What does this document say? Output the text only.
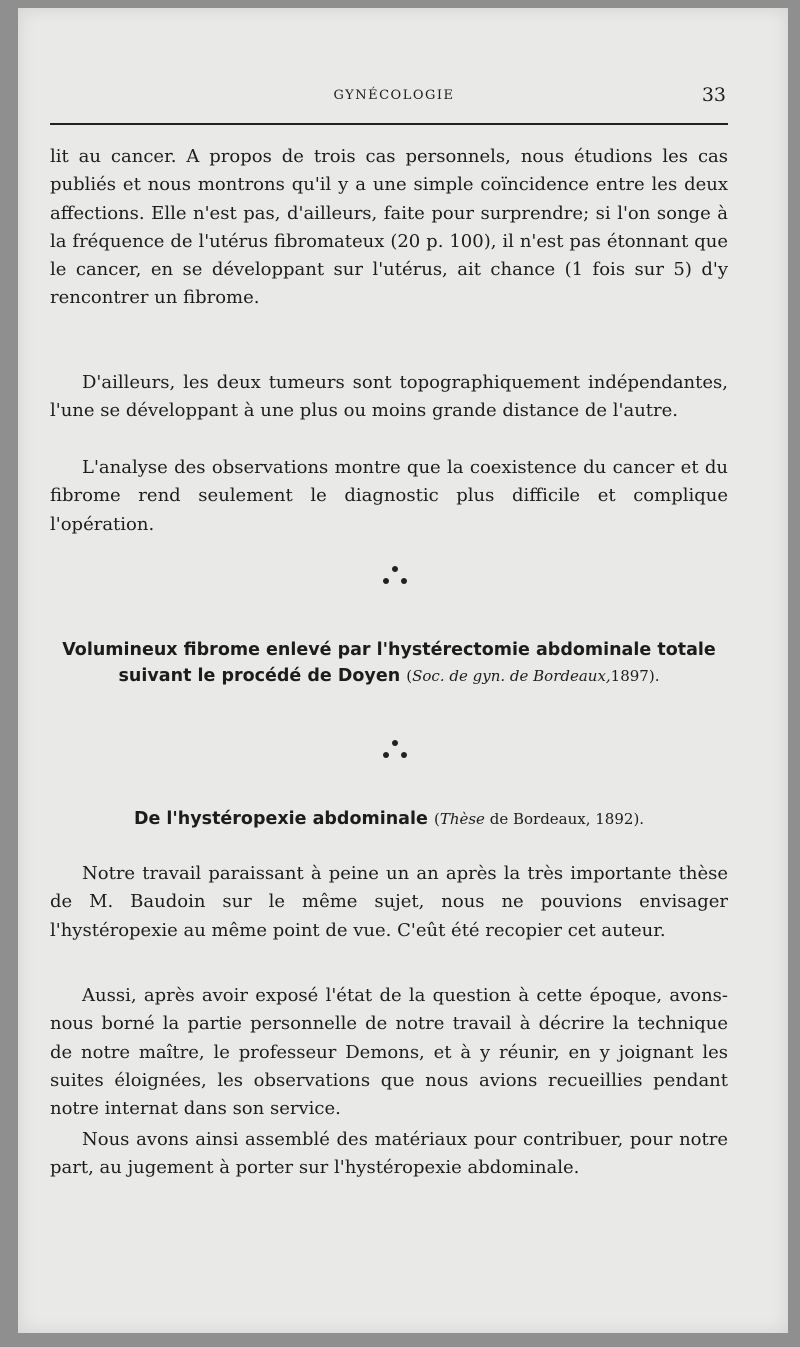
GYNÉCOLOGIE	33

lit au cancer. A propos de trois cas personnels, nous étudions les cas publiés et nous montrons qu'il y a une simple coïncidence entre les deux affections. Elle n'est pas, d'ailleurs, faite pour surprendre; si l'on songe à la fréquence de l'utérus fibromateux (20 p. 100), il n'est pas étonnant que le cancer, en se développant sur l'utérus, ait chance (1 fois sur 5) d'y rencontrer un fibrome.

D'ailleurs, les deux tumeurs sont topographiquement indépendantes, l'une se développant à une plus ou moins grande distance de l'autre.

L'analyse des observations montre que la coexistence du cancer et du fibrome rend seulement le diagnostic plus difficile et complique l'opération.

Volumineux fibrome enlevé par l'hystérectomie abdominale totale suivant le procédé de Doyen (Soc. de gyn. de Bordeaux,1897).

De l'hystéropexie abdominale (Thèse de Bordeaux, 1892).

Notre travail paraissant à peine un an après la très importante thèse de M. Baudoin sur le même sujet, nous ne pouvions envisager l'hystéropexie au même point de vue. C'eût été recopier cet auteur.

Aussi, après avoir exposé l'état de la question à cette époque, avons-nous borné la partie personnelle de notre travail à décrire la technique de notre maître, le professeur Demons, et à y réunir, en y joignant les suites éloignées, les observations que nous avions recueillies pendant notre internat dans son service.

Nous avons ainsi assemblé des matériaux pour contribuer, pour notre part, au jugement à porter sur l'hystéropexie abdominale.
